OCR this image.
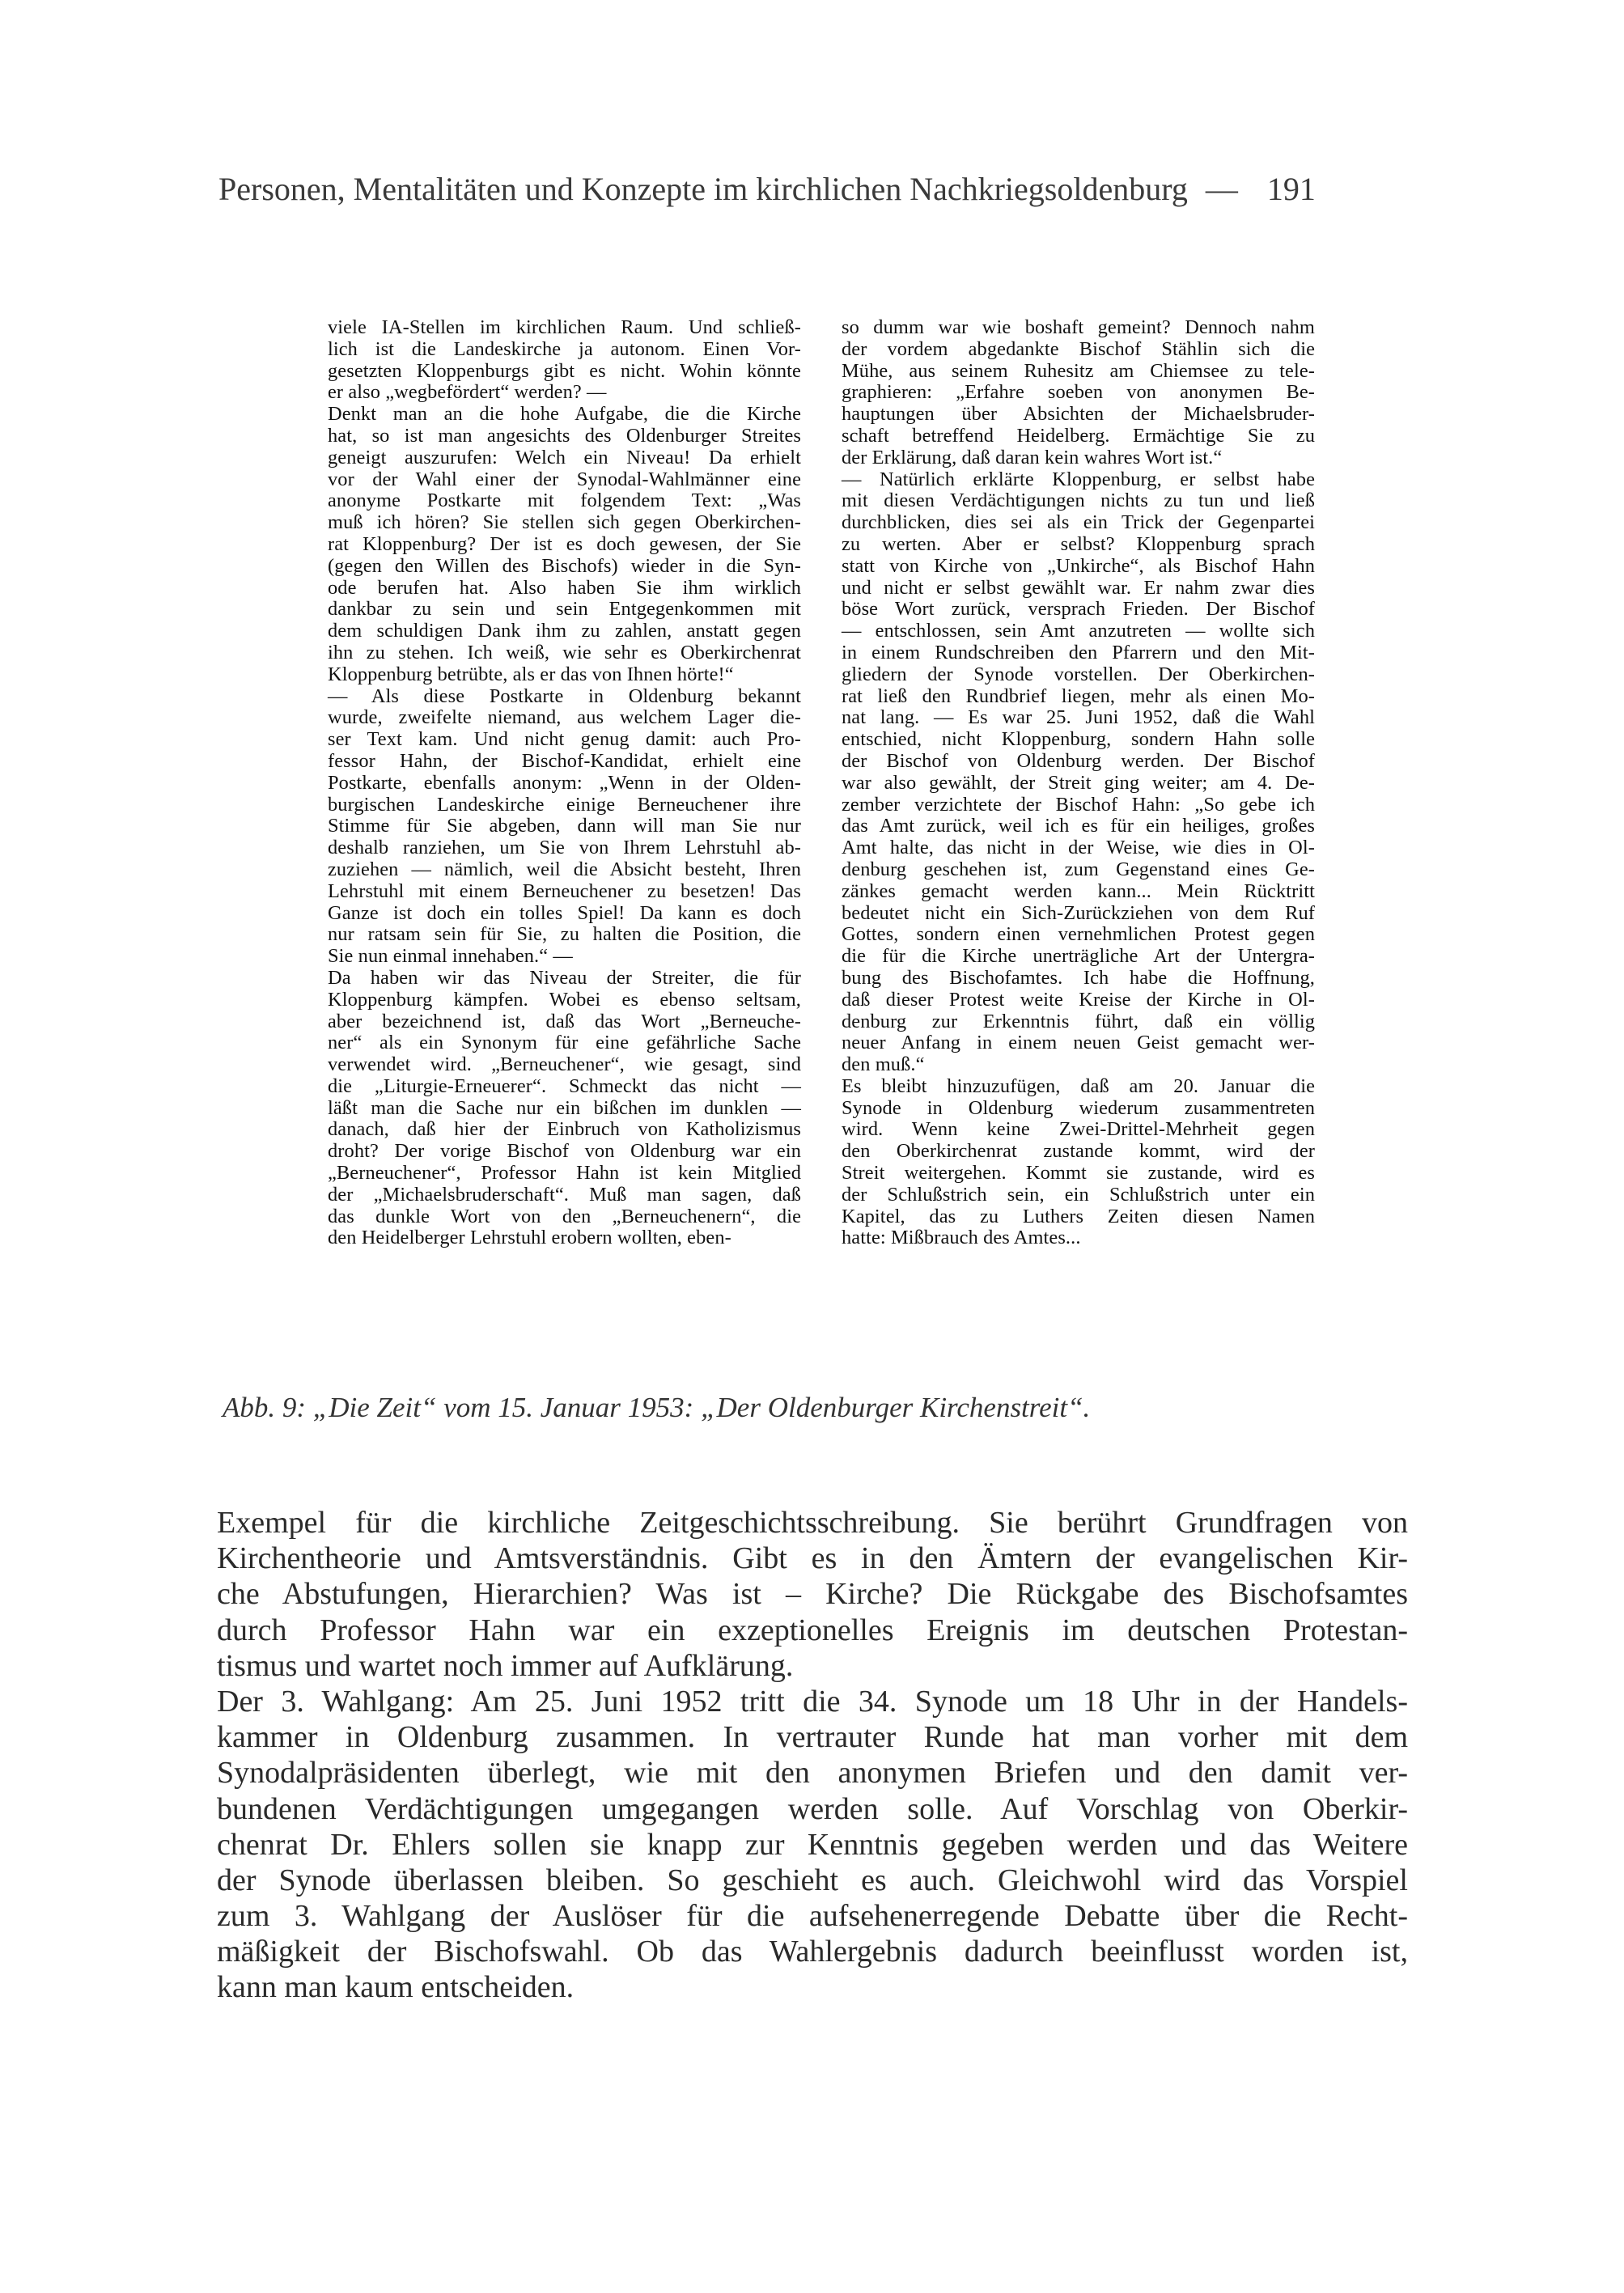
Personen, Mentalitäten und Konzepte im kirchlichen Nachkriegsoldenburg — 191
viele IA-Stellen im kirchlichen Raum. Und schließ-
lich ist die Landeskirche ja autonom. Einen Vor-
gesetzten Kloppenburgs gibt es nicht. Wohin könnte
er also „wegbefördert“ werden? —
Denkt man an die hohe Aufgabe, die die Kirche
hat, so ist man angesichts des Oldenburger Streites
geneigt auszurufen: Welch ein Niveau! Da erhielt
vor der Wahl einer der Synodal-Wahlmänner eine
anonyme Postkarte mit folgendem Text: „Was
muß ich hören? Sie stellen sich gegen Oberkirchen-
rat Kloppenburg? Der ist es doch gewesen, der Sie
(gegen den Willen des Bischofs) wieder in die Syn-
ode berufen hat. Also haben Sie ihm wirklich
dankbar zu sein und sein Entgegenkommen mit
dem schuldigen Dank ihm zu zahlen, anstatt gegen
ihn zu stehen. Ich weiß, wie sehr es Oberkirchenrat
Kloppenburg betrübte, als er das von Ihnen hörte!“
— Als diese Postkarte in Oldenburg bekannt
wurde, zweifelte niemand, aus welchem Lager die-
ser Text kam. Und nicht genug damit: auch Pro-
fessor Hahn, der Bischof-Kandidat, erhielt eine
Postkarte, ebenfalls anonym: „Wenn in der Olden-
burgischen Landeskirche einige Berneuchener ihre
Stimme für Sie abgeben, dann will man Sie nur
deshalb ranziehen, um Sie von Ihrem Lehrstuhl ab-
zuziehen — nämlich, weil die Absicht besteht, Ihren
Lehrstuhl mit einem Berneuchener zu besetzen! Das
Ganze ist doch ein tolles Spiel! Da kann es doch
nur ratsam sein für Sie, zu halten die Position, die
Sie nun einmal innehaben.“ —
Da haben wir das Niveau der Streiter, die für
Kloppenburg kämpfen. Wobei es ebenso seltsam,
aber bezeichnend ist, daß das Wort „Berneuche-
ner“ als ein Synonym für eine gefährliche Sache
verwendet wird. „Berneuchener“, wie gesagt, sind
die „Liturgie-Erneuerer“. Schmeckt das nicht —
läßt man die Sache nur ein bißchen im dunklen —
danach, daß hier der Einbruch von Katholizismus
droht? Der vorige Bischof von Oldenburg war ein
„Berneuchener“, Professor Hahn ist kein Mitglied
der „Michaelsbruderschaft“. Muß man sagen, daß
das dunkle Wort von den „Berneuchenern“, die
den Heidelberger Lehrstuhl erobern wollten, eben-
so dumm war wie boshaft gemeint? Dennoch nahm
der vordem abgedankte Bischof Stählin sich die
Mühe, aus seinem Ruhesitz am Chiemsee zu tele-
graphieren: „Erfahre soeben von anonymen Be-
hauptungen über Absichten der Michaelsbruder-
schaft betreffend Heidelberg. Ermächtige Sie zu
der Erklärung, daß daran kein wahres Wort ist.“
— Natürlich erklärte Kloppenburg, er selbst habe
mit diesen Verdächtigungen nichts zu tun und ließ
durchblicken, dies sei als ein Trick der Gegenpartei
zu werten. Aber er selbst? Kloppenburg sprach
statt von Kirche von „Unkirche“, als Bischof Hahn
und nicht er selbst gewählt war. Er nahm zwar dies
böse Wort zurück, versprach Frieden. Der Bischof
— entschlossen, sein Amt anzutreten — wollte sich
in einem Rundschreiben den Pfarrern und den Mit-
gliedern der Synode vorstellen. Der Oberkirchen-
rat ließ den Rundbrief liegen, mehr als einen Mo-
nat lang. — Es war 25. Juni 1952, daß die Wahl
entschied, nicht Kloppenburg, sondern Hahn solle
der Bischof von Oldenburg werden. Der Bischof
war also gewählt, der Streit ging weiter; am 4. De-
zember verzichtete der Bischof Hahn: „So gebe ich
das Amt zurück, weil ich es für ein heiliges, großes
Amt halte, das nicht in der Weise, wie dies in Ol-
denburg geschehen ist, zum Gegenstand eines Ge-
zänkes gemacht werden kann... Mein Rücktritt
bedeutet nicht ein Sich-Zurückziehen von dem Ruf
Gottes, sondern einen vernehmlichen Protest gegen
die für die Kirche unerträgliche Art der Untergra-
bung des Bischofamtes. Ich habe die Hoffnung,
daß dieser Protest weite Kreise der Kirche in Ol-
denburg zur Erkenntnis führt, daß ein völlig
neuer Anfang in einem neuen Geist gemacht wer-
den muß.“
Es bleibt hinzuzufügen, daß am 20. Januar die
Synode in Oldenburg wiederum zusammentreten
wird. Wenn keine Zwei-Drittel-Mehrheit gegen
den Oberkirchenrat zustande kommt, wird der
Streit weitergehen. Kommt sie zustande, wird es
der Schlußstrich sein, ein Schlußstrich unter ein
Kapitel, das zu Luthers Zeiten diesen Namen
hatte: Mißbrauch des Amtes...
Abb. 9: „Die Zeit“ vom 15. Januar 1953: „Der Oldenburger Kirchenstreit“.
Exempel für die kirchliche Zeitgeschichtsschreibung. Sie berührt Grundfragen von
Kirchentheorie und Amtsverständnis. Gibt es in den Ämtern der evangelischen Kir-
che Abstufungen, Hierarchien? Was ist – Kirche? Die Rückgabe des Bischofsamtes
durch Professor Hahn war ein exzeptionelles Ereignis im deutschen Protestan-
tismus und wartet noch immer auf Aufklärung.
Der 3. Wahlgang: Am 25. Juni 1952 tritt die 34. Synode um 18 Uhr in der Handels-
kammer in Oldenburg zusammen. In vertrauter Runde hat man vorher mit dem
Synodalpräsidenten überlegt, wie mit den anonymen Briefen und den damit ver-
bundenen Verdächtigungen umgegangen werden solle. Auf Vorschlag von Oberkir-
chenrat Dr. Ehlers sollen sie knapp zur Kenntnis gegeben werden und das Weitere
der Synode überlassen bleiben. So geschieht es auch. Gleichwohl wird das Vorspiel
zum 3. Wahlgang der Auslöser für die aufsehenerregende Debatte über die Recht-
mäßigkeit der Bischofswahl. Ob das Wahlergebnis dadurch beeinflusst worden ist,
kann man kaum entscheiden.
